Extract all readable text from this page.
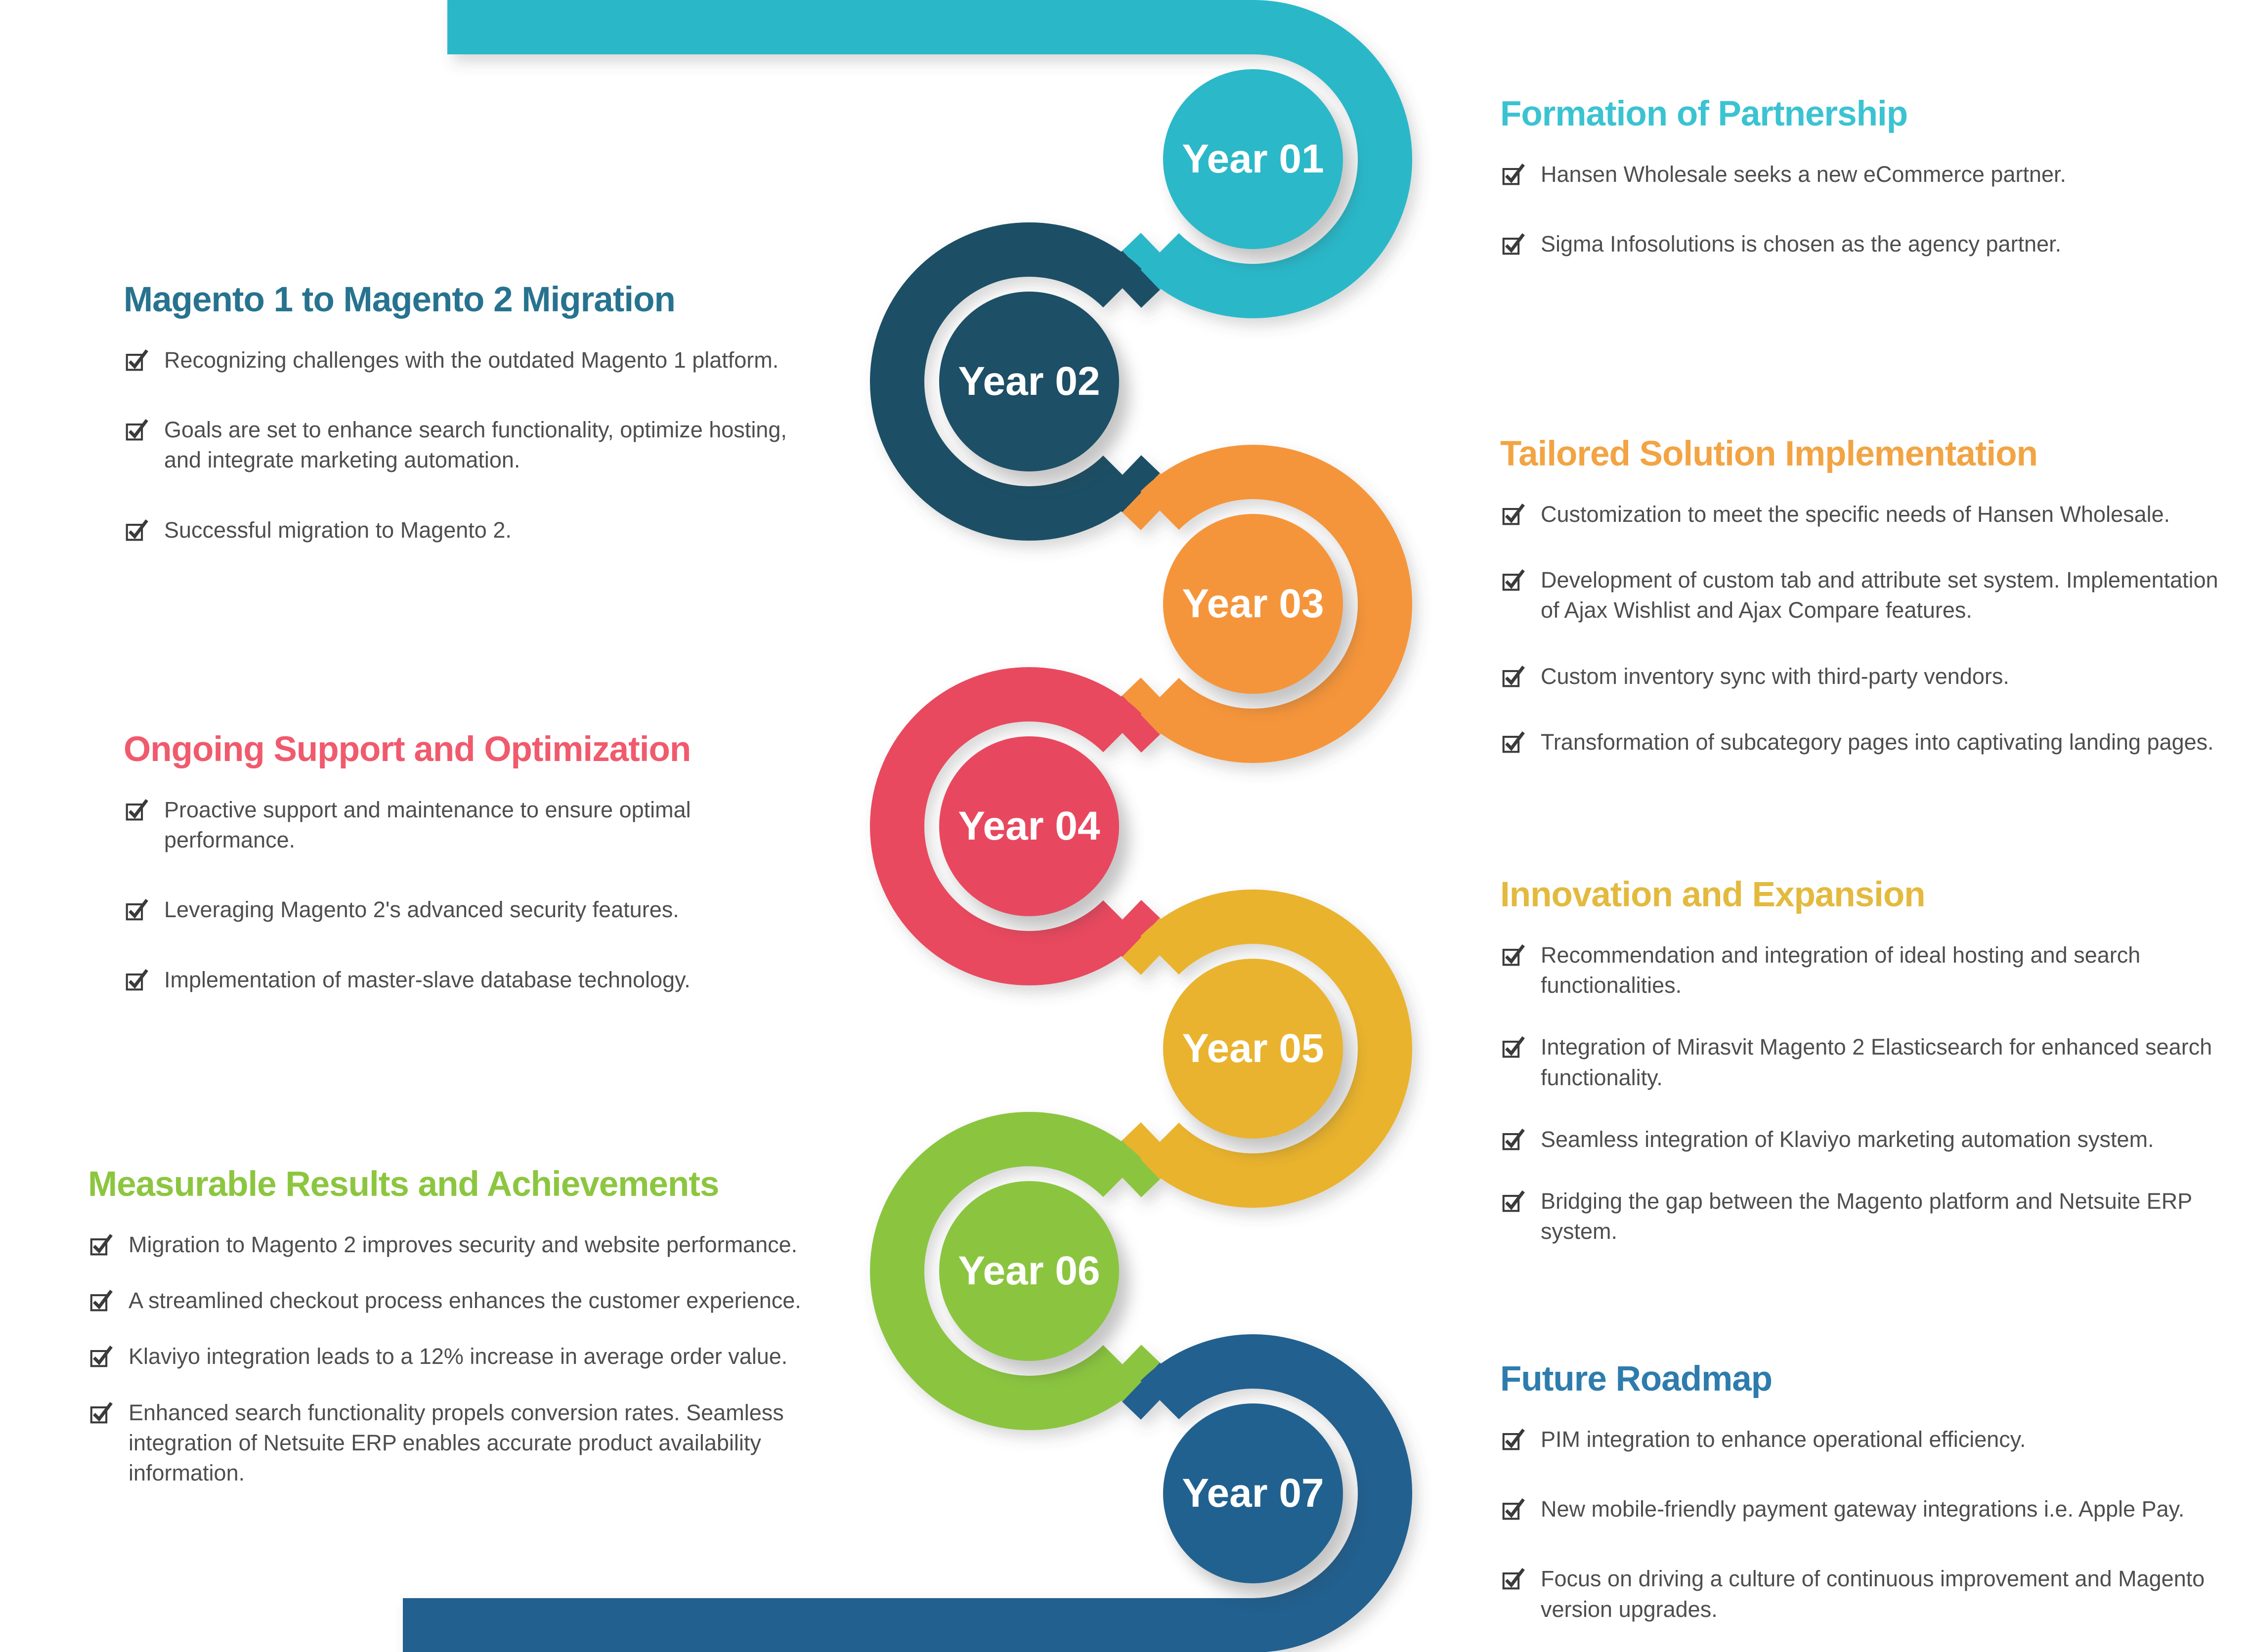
Year 01
Year 02
Year 03
Year 04
Year 05
Year 06
Year 07
Formation of Partnership
Hansen Wholesale seeks a new eCommerce partner.
Sigma Infosolutions is chosen as the agency partner.
Magento 1 to Magento 2 Migration
Recognizing challenges with the outdated Magento 1 platform.
Goals are set to enhance search functionality, optimize hosting, and integrate marketing automation.
Successful migration to Magento 2.
Tailored Solution Implementation
Customization to meet the specific needs of Hansen Wholesale.
Development of custom tab and attribute set system. Implementation of Ajax Wishlist and Ajax Compare features.
Custom inventory sync with third-party vendors.
Transformation of subcategory pages into captivating landing pages.
Ongoing Support and Optimization
Proactive support and maintenance to ensure optimal performance.
Leveraging Magento 2's advanced security features.
Implementation of master-slave database technology.
Innovation and Expansion
Recommendation and integration of ideal hosting and search functionalities.
Integration of Mirasvit Magento 2 Elasticsearch for enhanced search functionality.
Seamless integration of Klaviyo marketing automation system.
Bridging the gap between the Magento platform and Netsuite ERP system.
Measurable Results and Achievements
Migration to Magento 2 improves security and website performance.
A streamlined checkout process enhances the customer experience.
Klaviyo integration leads to a 12% increase in average order value.
Enhanced search functionality propels conversion rates. Seamless integration of Netsuite ERP enables accurate product availability information.
Future Roadmap
PIM integration to enhance operational efficiency.
New mobile-friendly payment gateway integrations i.e. Apple Pay.
Focus on driving a culture of continuous improvement and Magento version upgrades.
